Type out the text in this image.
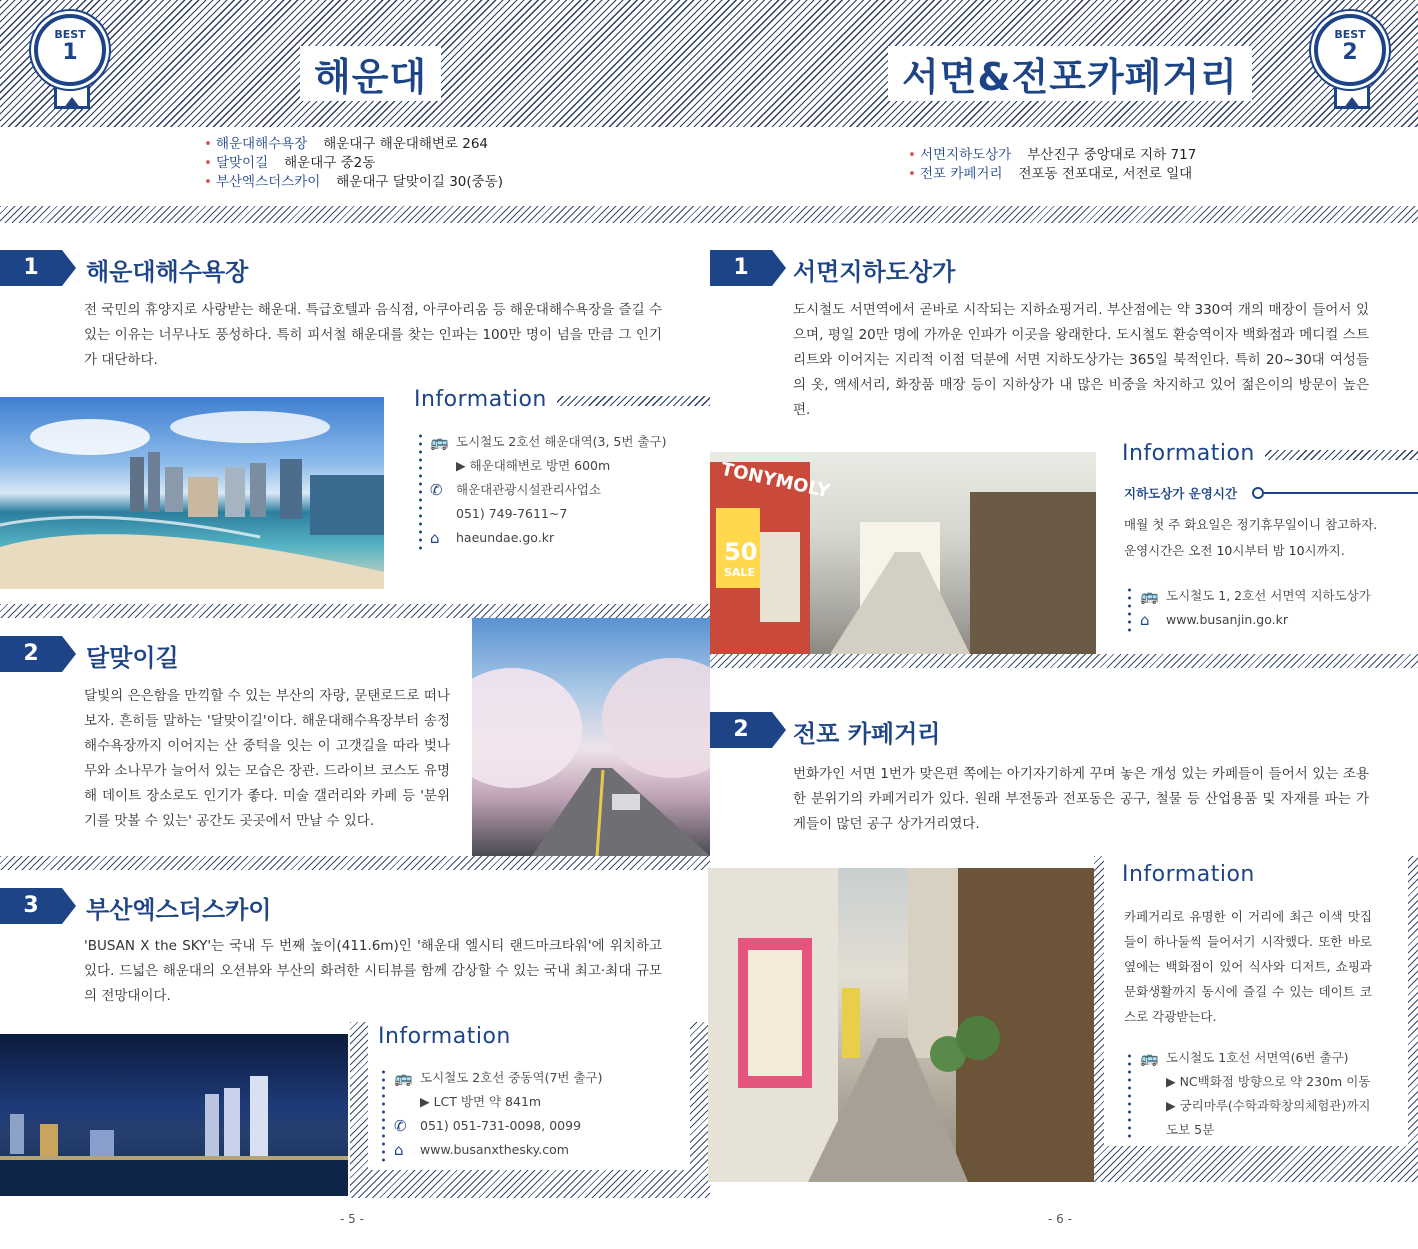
BEST
1
해운대	서면&전포카페거리
BEST
2
• 해운대해수욕장 해운대구 해운대해변로 264
• 달맞이길 해운대구 중2동
• 부산엑스더스카이 해운대구 달맞이길 30(중동)
• 서면지하도상가 부산진구 중앙대로 지하 717
• 전포 카페거리 전포동 전포대로, 서전로 일대
1	해운대해수욕장
전 국민의 휴양지로 사랑받는 해운대. 특급호텔과 음식점, 아쿠아리움 등 해운대해수욕장을 즐길 수 있는 이유는 너무나도 풍성하다. 특히 피서철 해운대를 찾는 인파는 100만 명이 넘을 만큼 그 인기가 대단하다.
Information
🚌 도시철도 2호선 해운대역(3, 5번 출구)
▶ 해운대해변로 방면 600m
✆	해운대관광시설관리사업소
051) 749-7611~7
⌂	haeundae.go.kr
2	달맞이길
달빛의 은은함을 만끽할 수 있는 부산의 자랑, 문탠로드로 떠나보자. 흔히들 말하는 '달맞이길'이다. 해운대해수욕장부터 송정해수욕장까지 이어지는 산 중턱을 잇는 이 고갯길을 따라 벚나무와 소나무가 늘어서 있는 모습은 장관. 드라이브 코스도 유명해 데이트 장소로도 인기가 좋다. 미술 갤러리와 카페 등 '분위기를 맛볼 수 있는' 공간도 곳곳에서 만날 수 있다.
3	부산엑스더스카이
'BUSAN X the SKY'는 국내 두 번째 높이(411.6m)인 '해운대 엘시티 랜드마크타워'에 위치하고 있다. 드넓은 해운대의 오션뷰와 부산의 화려한 시티뷰를 함께 감상할 수 있는 국내 최고·최대 규모의 전망대이다.
Information
🚌 도시철도 2호선 중동역(7번 출구)
▶ LCT 방면 약 841m
✆	051) 051-731-0098, 0099
⌂	www.busanxthesky.com
- 5 -
1	서면지하도상가
도시철도 서면역에서 곧바로 시작되는 지하쇼핑거리. 부산점에는 약 330여 개의 매장이 들어서 있으며, 평일 20만 명에 가까운 인파가 이곳을 왕래한다. 도시철도 환승역이자 백화점과 메디컬 스트리트와 이어지는 지리적 이점 덕분에 서면 지하도상가는 365일 북적인다. 특히 20~30대 여성들의 옷, 액세서리, 화장품 매장 등이 지하상가 내 많은 비중을 차지하고 있어 젊은이의 방문이 높은 편.
TONYMOLY
50
SALE
Information
지하도상가 운영시간
매월 첫 주 화요일은 정기휴무일이니 참고하자. 운영시간은 오전 10시부터 밤 10시까지.
🚌 도시철도 1, 2호선 서면역 지하도상가
⌂	www.busanjin.go.kr
2	전포 카페거리
번화가인 서면 1번가 맞은편 쪽에는 아기자기하게 꾸며 놓은 개성 있는 카페들이 들어서 있는 조용한 분위기의 카페거리가 있다. 원래 부전동과 전포동은 공구, 철물 등 산업용품 및 자재를 파는 가게들이 많던 공구 상가거리였다.
Information
카페거리로 유명한 이 거리에 최근 이색 맛집들이 하나둘씩 들어서기 시작했다. 또한 바로 옆에는 백화점이 있어 식사와 디저트, 쇼핑과 문화생활까지 동시에 즐길 수 있는 데이트 코스로 각광받는다.
🚌 도시철도 1호선 서면역(6번 출구)
▶ NC백화점 방향으로 약 230m 이동
▶ 궁리마루(수학과학창의체험관)까지
도보 5분
- 6 -
